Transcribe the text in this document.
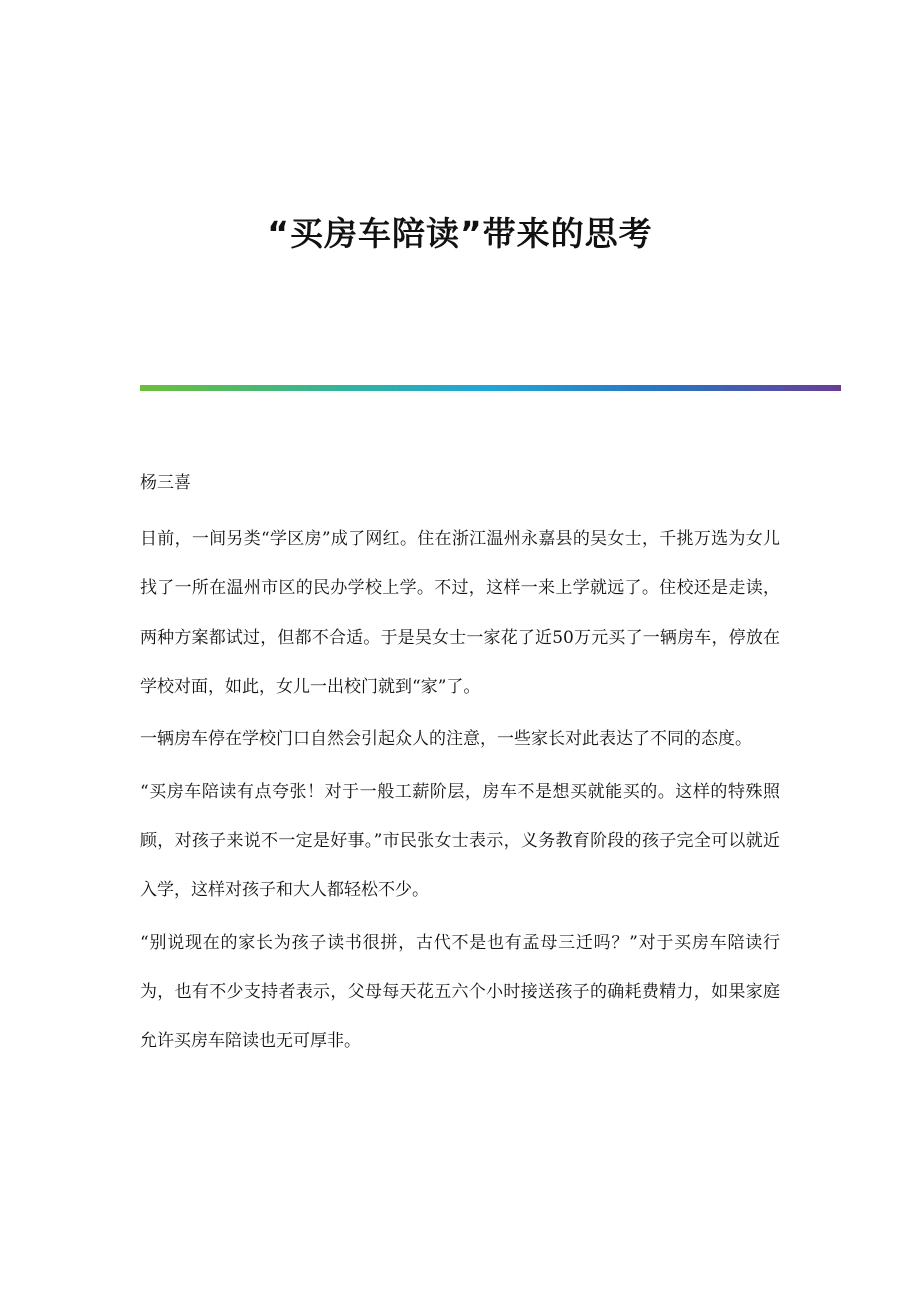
“买房车陪读”带来的思考
杨三喜

日前，一间另类“学区房”成了网红。住在浙江温州永嘉县的吴女士，千挑万选为女儿找了一所在温州市区的民办学校上学。不过，这样一来上学就远了。住校还是走读，两种方案都试过，但都不合适。于是吴女士一家花了近50万元买了一辆房车，停放在学校对面，如此，女儿一出校门就到“家”了。

一辆房车停在学校门口自然会引起众人的注意，一些家长对此表达了不同的态度。

“买房车陪读有点夸张！对于一般工薪阶层，房车不是想买就能买的。这样的特殊照顾，对孩子来说不一定是好事。”市民张女士表示，义务教育阶段的孩子完全可以就近入学，这样对孩子和大人都轻松不少。

“别说现在的家长为孩子读书很拼，古代不是也有孟母三迁吗？”对于买房车陪读行为，也有不少支持者表示，父母每天花五六个小时接送孩子的确耗费精力，如果家庭允许买房车陪读也无可厚非。
